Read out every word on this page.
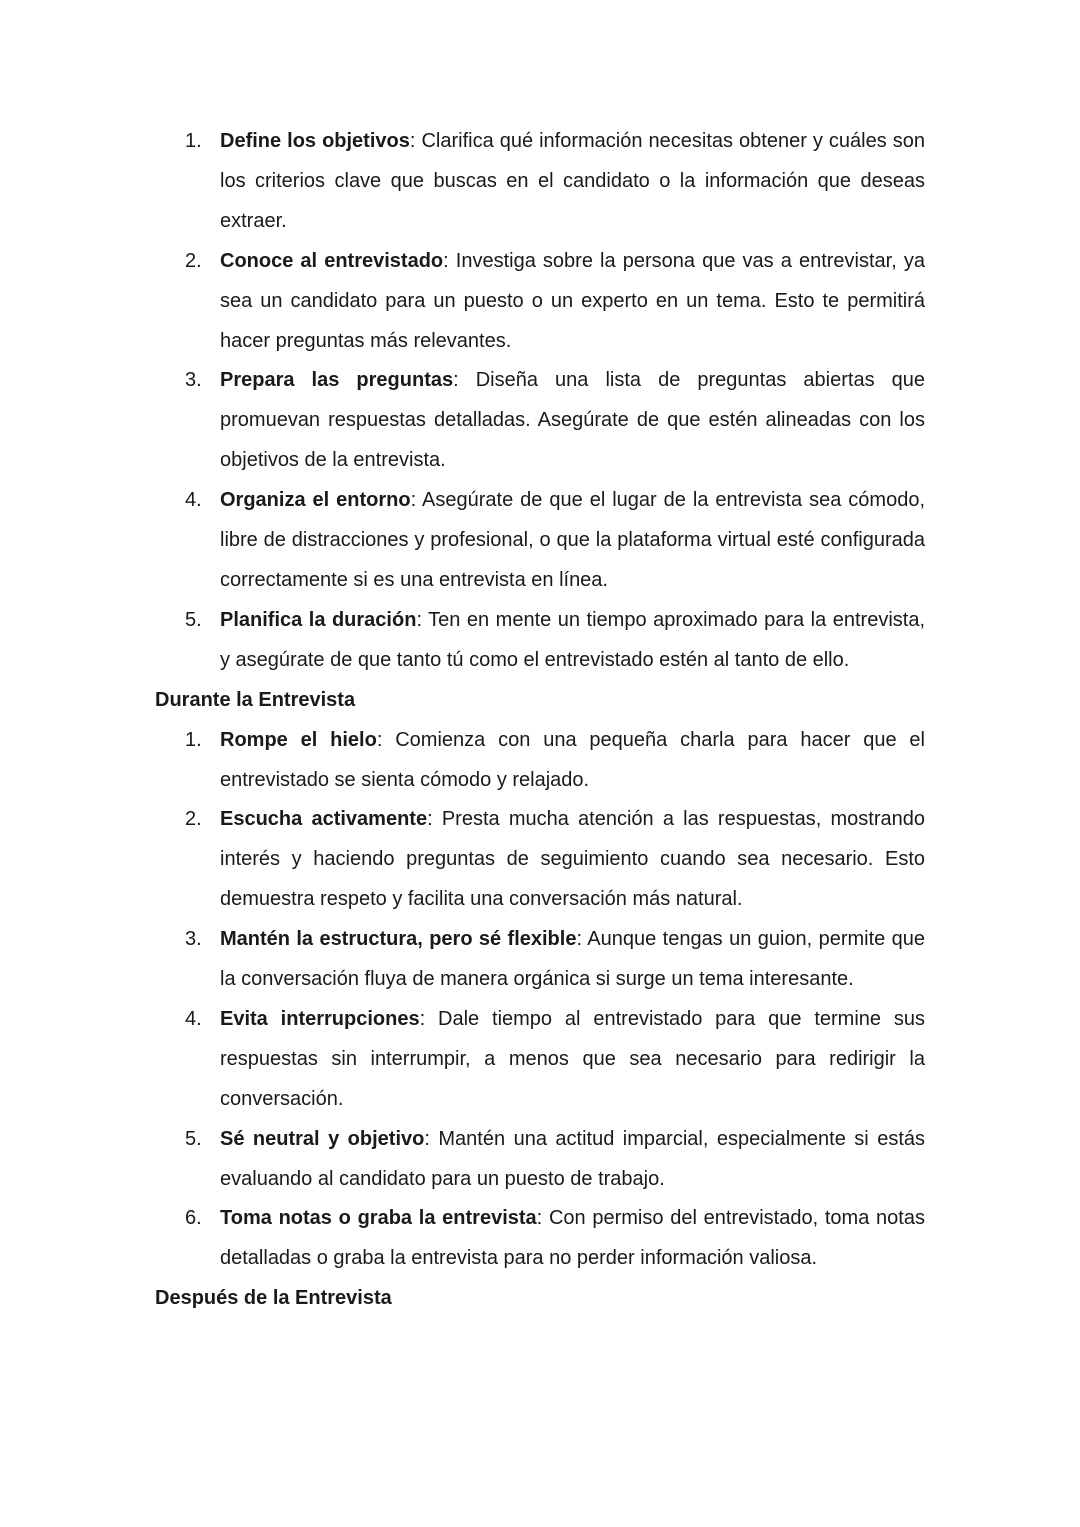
1. Define los objetivos: Clarifica qué información necesitas obtener y cuáles son los criterios clave que buscas en el candidato o la información que deseas extraer.
2. Conoce al entrevistado: Investiga sobre la persona que vas a entrevistar, ya sea un candidato para un puesto o un experto en un tema. Esto te permitirá hacer preguntas más relevantes.
3. Prepara las preguntas: Diseña una lista de preguntas abiertas que promuevan respuestas detalladas. Asegúrate de que estén alineadas con los objetivos de la entrevista.
4. Organiza el entorno: Asegúrate de que el lugar de la entrevista sea cómodo, libre de distracciones y profesional, o que la plataforma virtual esté configurada correctamente si es una entrevista en línea.
5. Planifica la duración: Ten en mente un tiempo aproximado para la entrevista, y asegúrate de que tanto tú como el entrevistado estén al tanto de ello.
Durante la Entrevista
1. Rompe el hielo: Comienza con una pequeña charla para hacer que el entrevistado se sienta cómodo y relajado.
2. Escucha activamente: Presta mucha atención a las respuestas, mostrando interés y haciendo preguntas de seguimiento cuando sea necesario. Esto demuestra respeto y facilita una conversación más natural.
3. Mantén la estructura, pero sé flexible: Aunque tengas un guion, permite que la conversación fluya de manera orgánica si surge un tema interesante.
4. Evita interrupciones: Dale tiempo al entrevistado para que termine sus respuestas sin interrumpir, a menos que sea necesario para redirigir la conversación.
5. Sé neutral y objetivo: Mantén una actitud imparcial, especialmente si estás evaluando al candidato para un puesto de trabajo.
6. Toma notas o graba la entrevista: Con permiso del entrevistado, toma notas detalladas o graba la entrevista para no perder información valiosa.
Después de la Entrevista
